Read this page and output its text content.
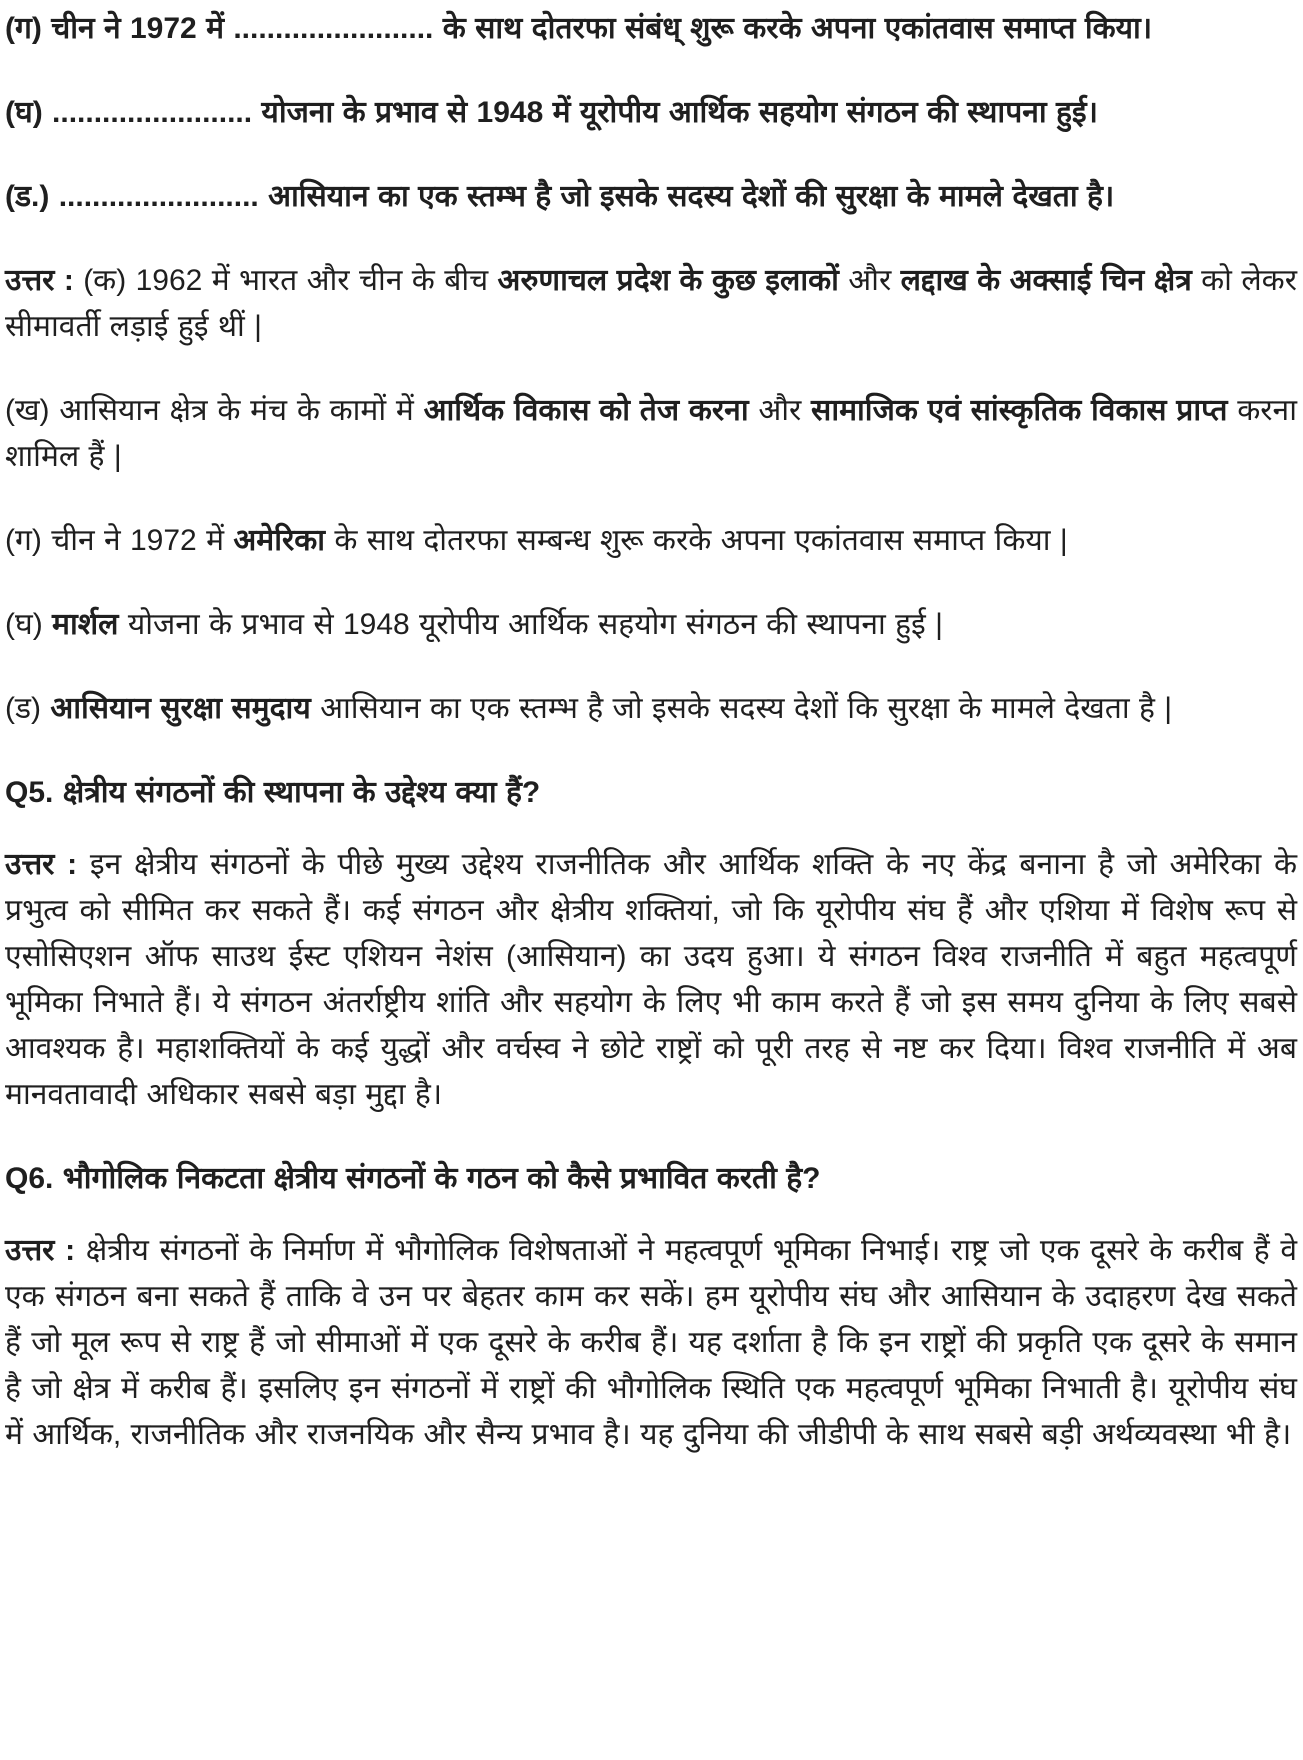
(ग) चीन ने 1972 में ........................ के साथ दोतरफा संबंध् शुरू करके अपना एकांतवास समाप्त किया।

(घ) ........................ योजना के प्रभाव से 1948 में यूरोपीय आर्थिक सहयोग संगठन की स्थापना हुई।

(ड.) ........................ आसियान का एक स्तम्भ है जो इसके सदस्य देशों की सुरक्षा के मामले देखता है।

उत्तर : (क) 1962 में भारत और चीन के बीच अरुणाचल प्रदेश के कुछ इलाकों और लद्दाख के अक्साई चिन क्षेत्र को लेकर सीमावर्ती लड़ाई हुई थीं |

(ख) आसियान क्षेत्र के मंच के कामों में आर्थिक विकास को तेज करना और सामाजिक एवं सांस्कृतिक विकास प्राप्त करना शामिल हैं |

(ग) चीन ने 1972 में अमेरिका के साथ दोतरफा सम्बन्ध शुरू करके अपना एकांतवास समाप्त किया |

(घ) मार्शल योजना के प्रभाव से 1948 यूरोपीय आर्थिक सहयोग संगठन की स्थापना हुई |

(ड) आसियान सुरक्षा समुदाय आसियान का एक स्तम्भ है जो इसके सदस्य देशों कि सुरक्षा के मामले देखता है |

Q5. क्षेत्रीय संगठनों की स्थापना के उद्देश्य क्या हैं?

उत्तर : इन क्षेत्रीय संगठनों के पीछे मुख्य उद्देश्य राजनीतिक और आर्थिक शक्ति के नए केंद्र बनाना है जो अमेरिका के प्रभुत्व को सीमित कर सकते हैं। कई संगठन और क्षेत्रीय शक्तियां, जो कि यूरोपीय संघ हैं और एशिया में विशेष रूप से एसोसिएशन ऑफ साउथ ईस्ट एशियन नेशंस (आसियान) का उदय हुआ। ये संगठन विश्व राजनीति में बहुत महत्वपूर्ण भूमिका निभाते हैं। ये संगठन अंतर्राष्ट्रीय शांति और सहयोग के लिए भी काम करते हैं जो इस समय दुनिया के लिए सबसे आवश्यक है। महाशक्तियों के कई युद्धों और वर्चस्व ने छोटे राष्ट्रों को पूरी तरह से नष्ट कर दिया। विश्व राजनीति में अब मानवतावादी अधिकार सबसे बड़ा मुद्दा है।

Q6. भौगोलिक निकटता क्षेत्रीय संगठनों के गठन को कैसे प्रभावित करती है?

उत्तर : क्षेत्रीय संगठनों के निर्माण में भौगोलिक विशेषताओं ने महत्वपूर्ण भूमिका निभाई। राष्ट्र जो एक दूसरे के करीब हैं वे एक संगठन बना सकते हैं ताकि वे उन पर बेहतर काम कर सकें। हम यूरोपीय संघ और आसियान के उदाहरण देख सकते हैं जो मूल रूप से राष्ट्र हैं जो सीमाओं में एक दूसरे के करीब हैं। यह दर्शाता है कि इन राष्ट्रों की प्रकृति एक दूसरे के समान है जो क्षेत्र में करीब हैं। इसलिए इन संगठनों में राष्ट्रों की भौगोलिक स्थिति एक महत्वपूर्ण भूमिका निभाती है। यूरोपीय संघ में आर्थिक, राजनीतिक और राजनयिक और सैन्य प्रभाव है। यह दुनिया की जीडीपी के साथ सबसे बड़ी अर्थव्यवस्था भी है।
